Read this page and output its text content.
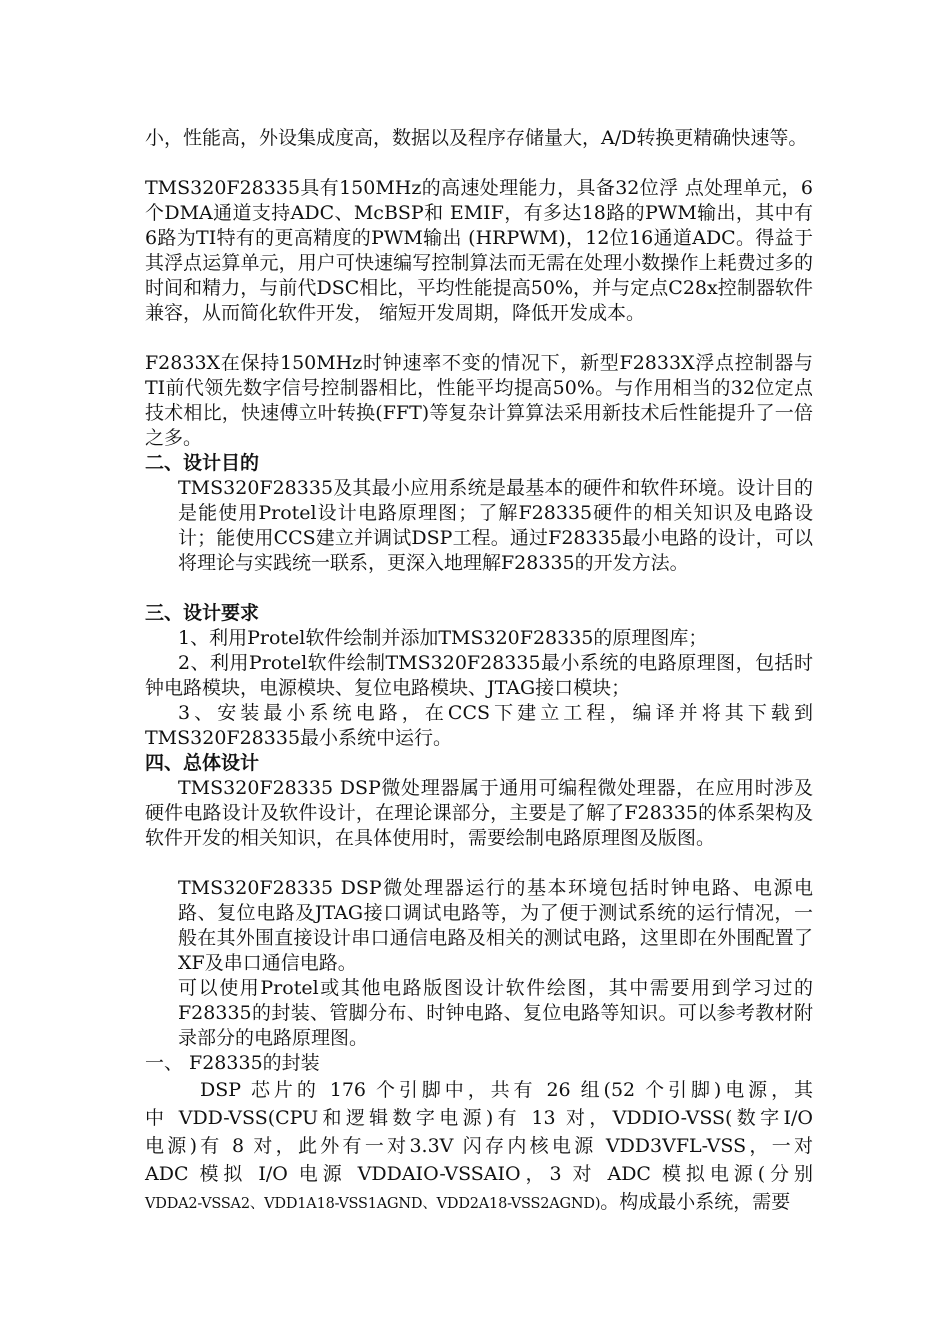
小，性能高，外设集成度高，数据以及程序存储量大，A/D转换更精确快速等。

TMS320F28335具有150MHz的高速处理能力，具备32位浮 点处理单元，6个DMA通道支持ADC、McBSP和 EMIF，有多达18路的PWM输出，其中有6路为TI特有的更高精度的PWM输出 (HRPWM)，12位16通道ADC。得益于其浮点运算单元，用户可快速编写控制算法而无需在处理小数操作上耗费过多的时间和精力，与前代DSC相比，平均性能提高50%，并与定点C28x控制器软件兼容，从而简化软件开发， 缩短开发周期，降低开发成本。

F2833X在保持150MHz时钟速率不变的情况下，新型F2833X浮点控制器与TI前代领先数字信号控制器相比，性能平均提高50%。与作用相当的32位定点技术相比，快速傅立叶转换(FFT)等复杂计算算法采用新技术后性能提升了一倍之多。

二、设计目的

TMS320F28335及其最小应用系统是最基本的硬件和软件环境。设计目的是能使用Protel设计电路原理图；了解F28335硬件的相关知识及电路设计；能使用CCS建立并调试DSP工程。通过F28335最小电路的设计，可以将理论与实践统一联系，更深入地理解F28335的开发方法。

三、设计要求

1、利用Protel软件绘制并添加TMS320F28335的原理图库；

2、利用Protel软件绘制TMS320F28335最小系统的电路原理图，包括时钟电路模块，电源模块、复位电路模块、JTAG接口模块；

3、安装最小系统电路，在CCS下建立工程，编译并将其下载到TMS320F28335最小系统中运行。

四、总体设计

TMS320F28335 DSP微处理器属于通用可编程微处理器，在应用时涉及硬件电路设计及软件设计，在理论课部分，主要是了解了F28335的体系架构及软件开发的相关知识，在具体使用时，需要绘制电路原理图及版图。

TMS320F28335 DSP微处理器运行的基本环境包括时钟电路、电源电路、复位电路及JTAG接口调试电路等，为了便于测试系统的运行情况，一般在其外围直接设计串口通信电路及相关的测试电路，这里即在外围配置了XF及串口通信电路。

可以使用Protel或其他电路版图设计软件绘图，其中需要用到学习过的F28335的封装、管脚分布、时钟电路、复位电路等知识。可以参考教材附录部分的电路原理图。

一、 F28335的封装
DSP 芯片的 176 个引脚中，共有 26 组(52 个引脚)电源，其
中 VDD-VSS(CPU和逻辑数字电源)有 13 对，VDDIO-VSS(数字I/O
电源)有 8 对，此外有一对3.3V 闪存内核电源 VDD3VFL-VSS，一对
ADC 模拟 I/O 电源 VDDAIO-VSSAIO，3 对 ADC 模拟电源(分别
VDDA2-VSSA2、VDD1A18-VSS1AGND、VDD2A18-VSS2AGND)。构成最小系统，需要
